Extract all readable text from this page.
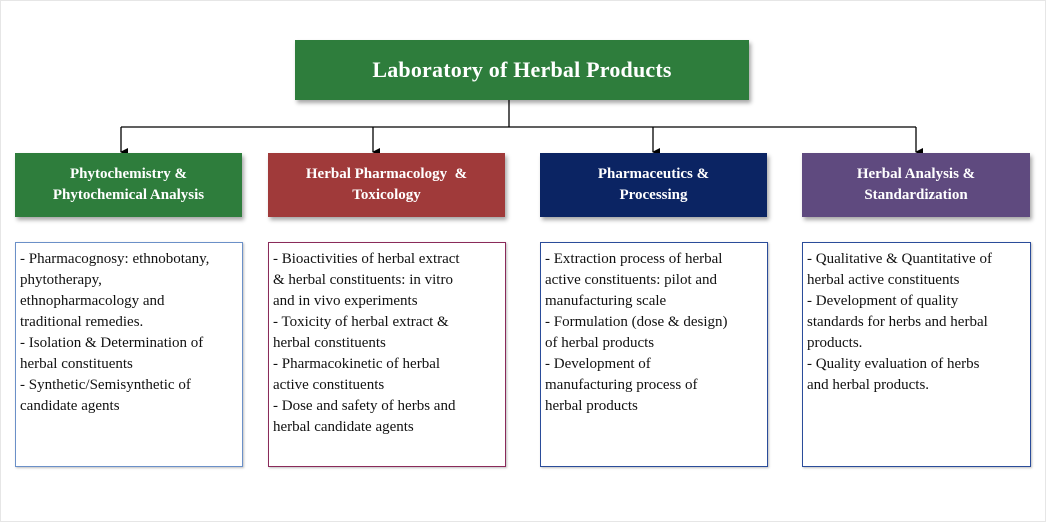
Laboratory of Herbal Products
Phytochemistry &
Phytochemical Analysis
- Pharmacognosy: ethnobotany,
phytotherapy,
ethnopharmacology and
traditional remedies.
- Isolation & Determination of
herbal constituents
- Synthetic/Semisynthetic of
candidate agents
Herbal Pharmacology  &
Toxicology
- Bioactivities of herbal extract
& herbal constituents: in vitro
and in vivo experiments
- Toxicity of herbal extract &
herbal constituents
- Pharmacokinetic of herbal
active constituents
- Dose and safety of herbs and
herbal candidate agents
Pharmaceutics &
Processing
- Extraction process of herbal
active constituents: pilot and
manufacturing scale
- Formulation (dose & design)
of herbal products
- Development of
manufacturing process of
herbal products
Herbal Analysis &
Standardization
- Qualitative & Quantitative of
herbal active constituents
- Development of quality
standards for herbs and herbal
products.
- Quality evaluation of herbs
and herbal products.
